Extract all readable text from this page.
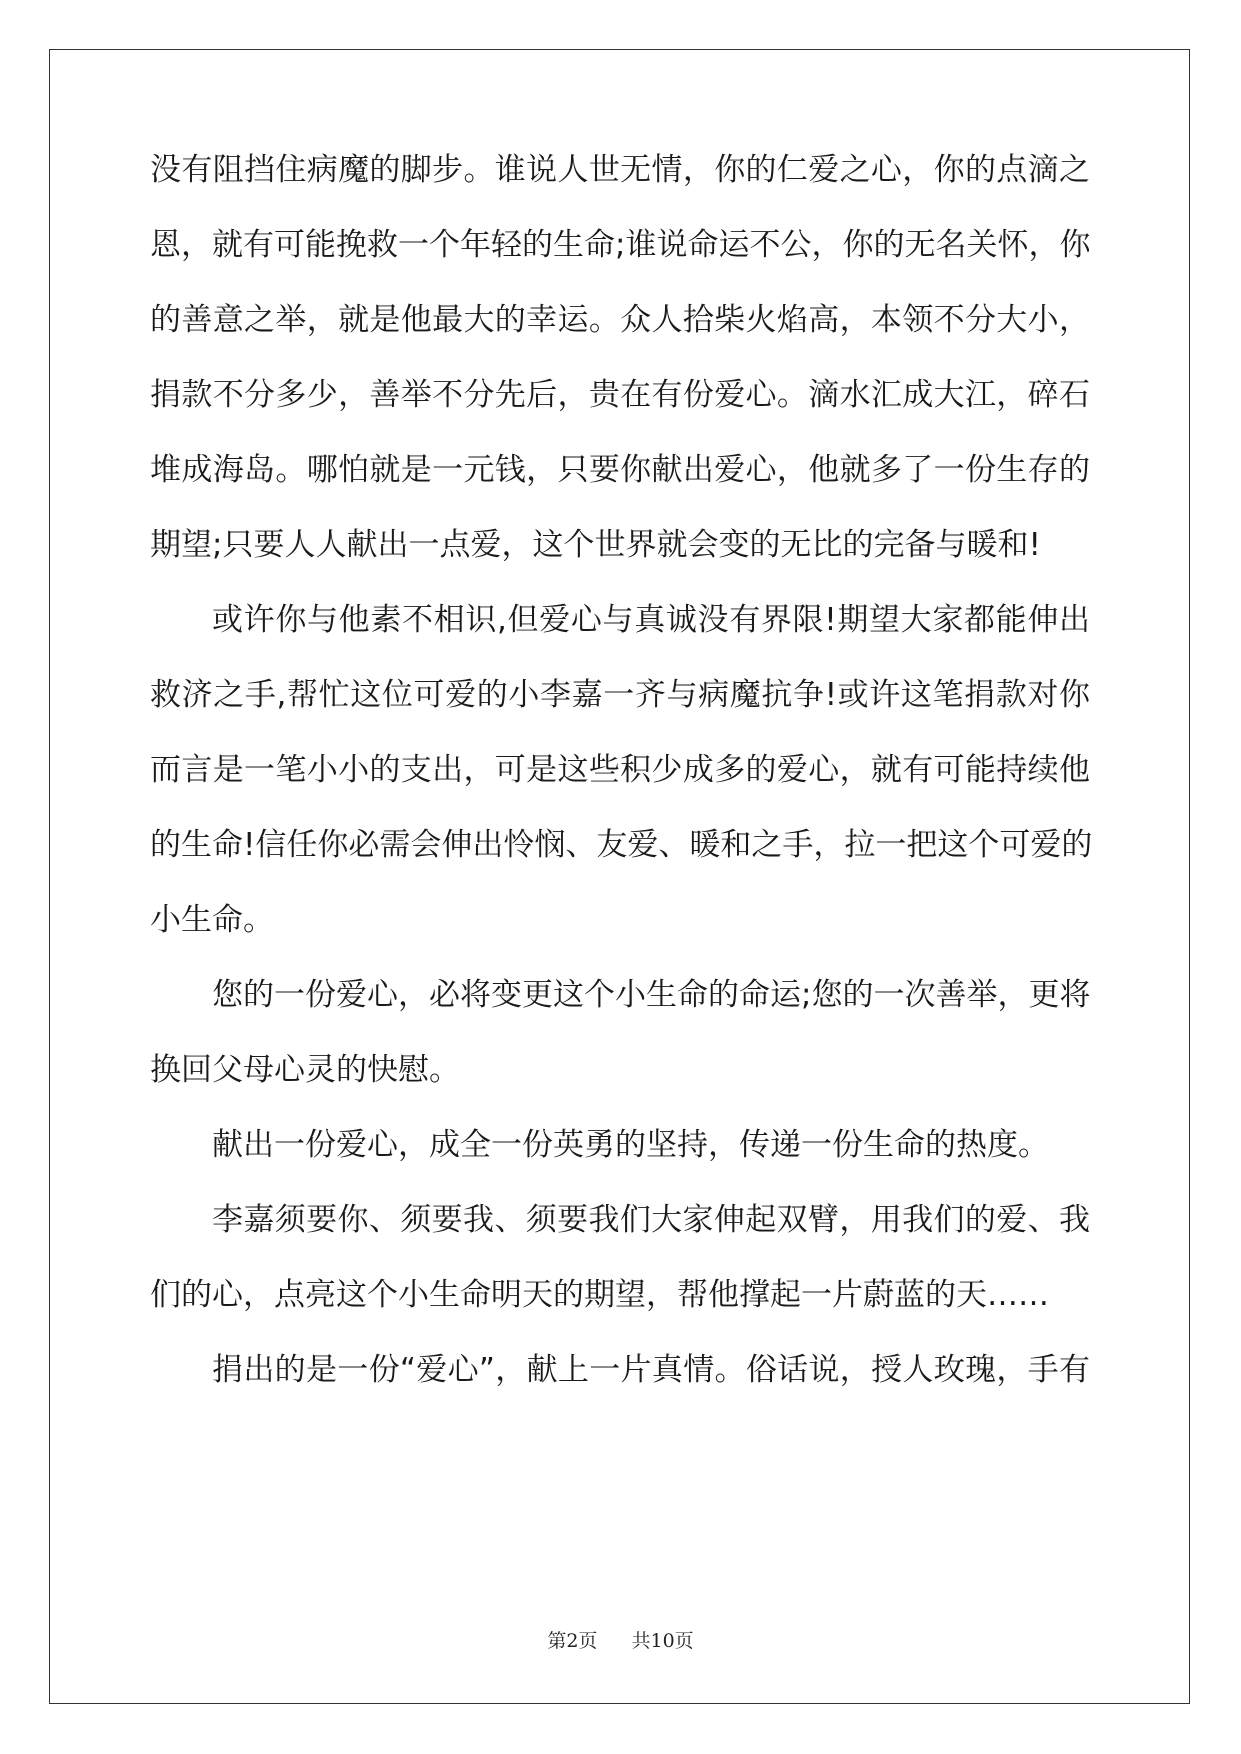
没有阻挡住病魔的脚步。谁说人世无情，你的仁爱之心，你的点滴之
恩，就有可能挽救一个年轻的生命;谁说命运不公，你的无名关怀，你
的善意之举，就是他最大的幸运。众人拾柴火焰高，本领不分大小，
捐款不分多少，善举不分先后，贵在有份爱心。滴水汇成大江，碎石
堆成海岛。哪怕就是一元钱，只要你献出爱心，他就多了一份生存的
期望;只要人人献出一点爱，这个世界就会变的无比的完备与暖和!
或许你与他素不相识,但爱心与真诚没有界限!期望大家都能伸出
救济之手,帮忙这位可爱的小李嘉一齐与病魔抗争!或许这笔捐款对你
而言是一笔小小的支出，可是这些积少成多的爱心，就有可能持续他
的生命!信任你必需会伸出怜悯、友爱、暖和之手，拉一把这个可爱的
小生命。
您的一份爱心，必将变更这个小生命的命运;您的一次善举，更将
换回父母心灵的快慰。
献出一份爱心，成全一份英勇的坚持，传递一份生命的热度。
李嘉须要你、须要我、须要我们大家伸起双臂，用我们的爱、我
们的心，点亮这个小生命明天的期望，帮他撑起一片蔚蓝的天……
捐出的是一份“爱心”，献上一片真情。俗话说，授人玫瑰，手有
第2页 共10页
